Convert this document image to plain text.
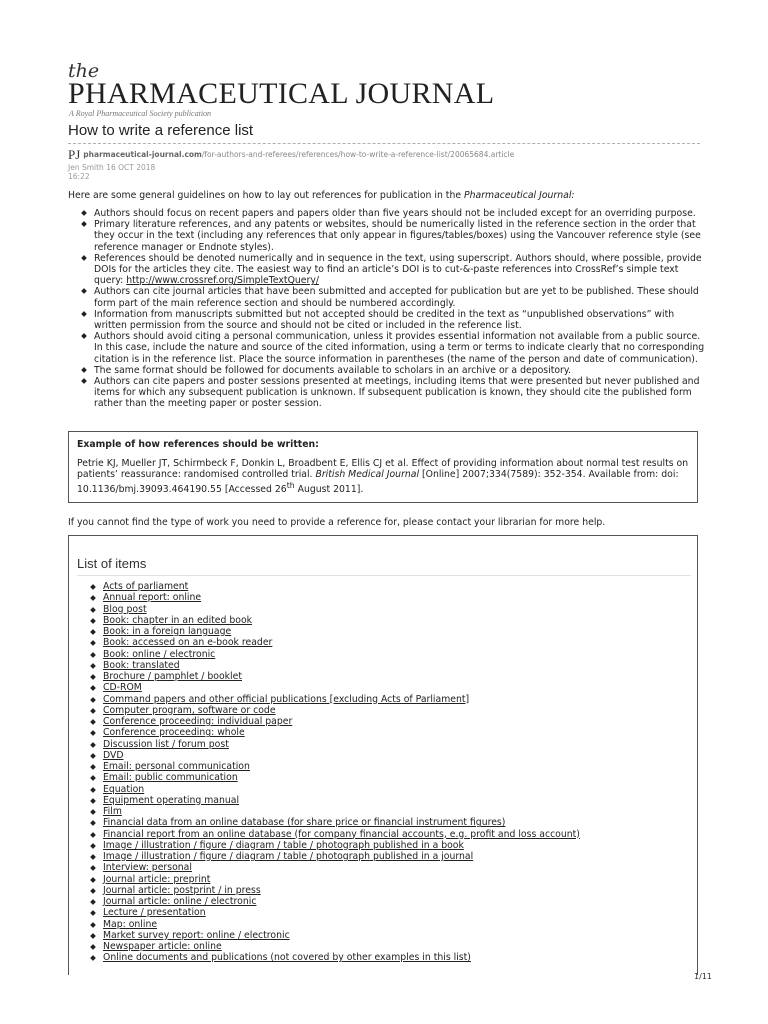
the
PHARMACEUTICAL JOURNAL
A Royal Pharmaceutical Society publication
How to write a reference list
PJ pharmaceutical-journal.com/for-authors-and-referees/references/how-to-write-a-reference-list/20065684.article
Jen Smith 16 OCT 2018
16:22
Here are some general guidelines on how to lay out references for publication in the Pharmaceutical Journal:
Authors should focus on recent papers and papers older than five years should not be included except for an overriding purpose.
Primary literature references, and any patents or websites, should be numerically listed in the reference section in the order that they occur in the text (including any references that only appear in figures/tables/boxes) using the Vancouver reference style (see reference manager or Endnote styles).
References should be denoted numerically and in sequence in the text, using superscript. Authors should, where possible, provide DOIs for the articles they cite. The easiest way to find an article’s DOI is to cut-&-paste references into CrossRef’s simple text query: http://www.crossref.org/SimpleTextQuery/
Authors can cite journal articles that have been submitted and accepted for publication but are yet to be published. These should form part of the main reference section and should be numbered accordingly.
Information from manuscripts submitted but not accepted should be credited in the text as “unpublished observations” with written permission from the source and should not be cited or included in the reference list.
Authors should avoid citing a personal communication, unless it provides essential information not available from a public source. In this case, include the nature and source of the cited information, using a term or terms to indicate clearly that no corresponding citation is in the reference list. Place the source information in parentheses (the name of the person and date of communication).
The same format should be followed for documents available to scholars in an archive or a depository.
Authors can cite papers and poster sessions presented at meetings, including items that were presented but never published and items for which any subsequent publication is unknown. If subsequent publication is known, they should cite the published form rather than the meeting paper or poster session.
Example of how references should be written:
Petrie KJ, Mueller JT, Schirmbeck F, Donkin L, Broadbent E, Ellis CJ et al. Effect of providing information about normal test results on patients’ reassurance: randomised controlled trial. British Medical Journal [Online] 2007;334(7589): 352-354. Available from: doi: 10.1136/bmj.39093.464190.55 [Accessed 26th August 2011].
If you cannot find the type of work you need to provide a reference for, please contact your librarian for more help.
List of items
Acts of parliament
Annual report: online
Blog post
Book: chapter in an edited book
Book: in a foreign language
Book: accessed on an e-book reader
Book: online / electronic
Book: translated
Brochure / pamphlet / booklet
CD-ROM
Command papers and other official publications [excluding Acts of Parliament]
Computer program, software or code
Conference proceeding: individual paper
Conference proceeding: whole
Discussion list / forum post
DVD
Email: personal communication
Email: public communication
Equation
Equipment operating manual
Film
Financial data from an online database (for share price or financial instrument figures)
Financial report from an online database (for company financial accounts, e.g. profit and loss account)
Image / illustration / figure / diagram / table / photograph published in a book
Image / illustration / figure / diagram / table / photograph published in a journal
Interview: personal
Journal article: preprint
Journal article: postprint / in press
Journal article: online / electronic
Lecture / presentation
Map: online
Market survey report: online / electronic
Newspaper article: online
Online documents and publications (not covered by other examples in this list)
1/11
